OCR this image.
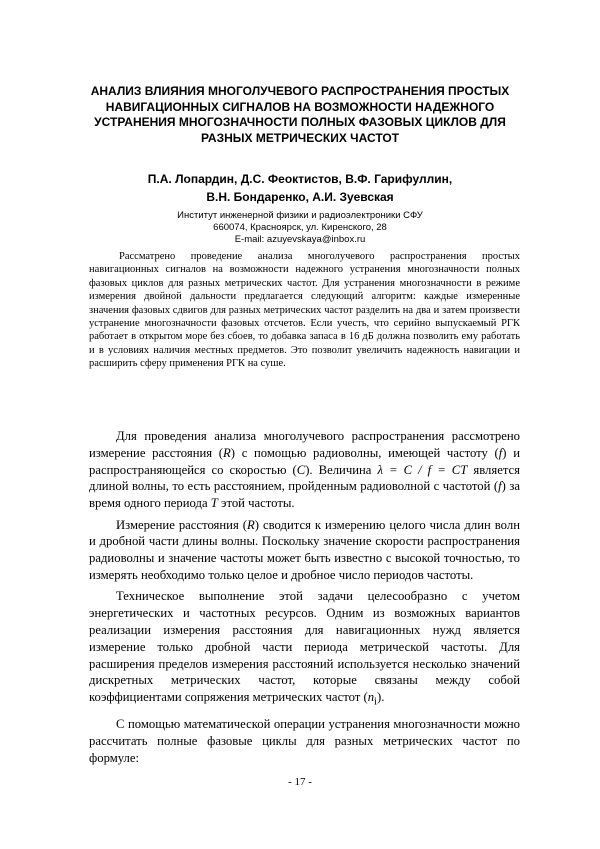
АНАЛИЗ ВЛИЯНИЯ МНОГОЛУЧЕВОГО РАСПРОСТРАНЕНИЯ ПРОСТЫХ НАВИГАЦИОННЫХ СИГНАЛОВ НА ВОЗМОЖНОСТИ НАДЕЖНОГО УСТРАНЕНИЯ МНОГОЗНАЧНОСТИ ПОЛНЫХ ФАЗОВЫХ ЦИКЛОВ ДЛЯ РАЗНЫХ МЕТРИЧЕСКИХ ЧАСТОТ

П.А. Лопардин, Д.С. Феоктистов, В.Ф. Гарифуллин,
В.Н. Бондаренко, А.И. Зуевская
Институт инженерной физики и радиоэлектроники СФУ
660074, Красноярск, ул. Киренского, 28
E-mail: azuyevskaya@inbox.ru

Рассматрено проведение анализа многолучевого распространения простых навигационных сигналов на возможности надежного устранения многозначности полных фазовых циклов для разных метрических частот. Для устранения многозначности в режиме измерения двойной дальности предлагается следующий алгоритм: каждые измеренные значения фазовых сдвигов для разных метрических частот разделить на два и затем произвести устранение многозначности фазовых отсчетов. Если учесть, что серийно выпускаемый РГК работает в открытом море без сбоев, то добавка запаса в 16 дБ должна позволить ему работать и в условиях наличия местных предметов. Это позволит увеличить надежность навигации и расширить сферу применения РГК на суше.

Для проведения анализа многолучевого распространения рассмотрено измерение расстояния (R) с помощью радиоволны, имеющей частоту (f) и распространяющейся со скоростью (C). Величина λ = C / f = CT является длиной волны, то есть расстоянием, пройденным радиоволной с частотой (f) за время одного периода T этой частоты.

Измерение расстояния (R) сводится к измерению целого числа длин волн и дробной части длины волны. Поскольку значение скорости распространения радиоволны и значение частоты может быть известно с высокой точностью, то измерять необходимо только целое и дробное число периодов частоты.

Техническое выполнение этой задачи целесообразно с учетом энергетических и частотных ресурсов. Одним из возможных вариантов реализации измерения расстояния для навигационных нужд является измерение только дробной части периода метрической частоты. Для расширения пределов измерения расстояний используется несколько значений дискретных метрических частот, которые связаны между собой коэффициентами сопряжения метрических частот $(n_i)$.

С помощью математической операции устранения многозначности можно рассчитать полные фазовые циклы для разных метрических частот по формуле:

- 17 -
